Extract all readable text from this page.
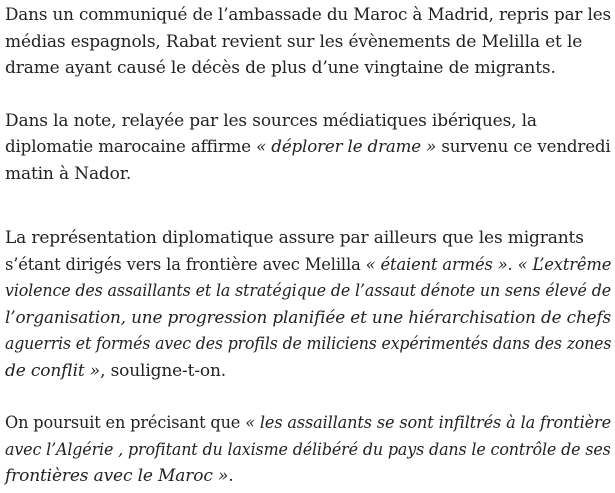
Dans un communiqué de l’ambassade du Maroc à Madrid, repris par les
médias espagnols, Rabat revient sur les évènements de Melilla et le
drame ayant causé le décès de plus d’une vingtaine de migrants.

Dans la note, relayée par les sources médiatiques ibériques, la
diplomatie marocaine affirme « déplorer le drame » survenu ce vendredi
matin à Nador.

La représentation diplomatique assure par ailleurs que les migrants
s’étant dirigés vers la frontière avec Melilla « étaient armés ». « L’extrême
violence des assaillants et la stratégique de l’assaut dénote un sens élevé de
l’organisation, une progression planifiée et une hiérarchisation de chefs
aguerris et formés avec des profils de miliciens expérimentés dans des zones
de conflit », souligne-t-on.

On poursuit en précisant que « les assaillants se sont infiltrés à la frontière
avec l’Algérie , profitant du laxisme délibéré du pays dans le contrôle de ses
frontières avec le Maroc ».
